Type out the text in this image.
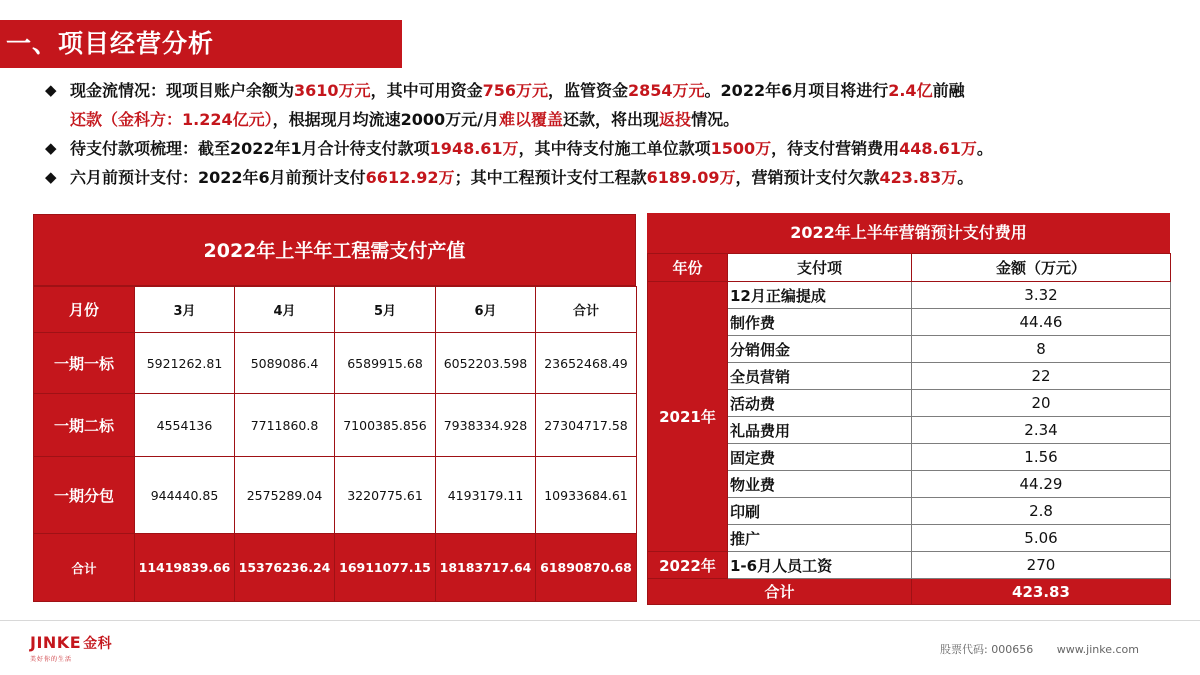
一、项目经营分析
◆ 现金流情况：现项目账户余额为3610万元，其中可用资金756万元，监管资金2854万元。2022年6月项目将进行2.4亿前融
还款（金科方：1.224亿元），根据现月均流速2000万元/月难以覆盖还款，将出现返投情况。
◆ 待支付款项梳理：截至2022年1月合计待支付款项1948.61万，其中待支付施工单位款项1500万，待支付营销费用448.61万。
◆ 六月前预计支付：2022年6月前预计支付6612.92万；其中工程预计支付工程款6189.09万，营销预计支付欠款423.83万。
2022年上半年工程需支付产值
月份	3月	4月	5月	6月	合计
一期一标	5921262.81	5089086.4	6589915.68	6052203.598	23652468.49
一期二标	4554136	7711860.8	7100385.856	7938334.928	27304717.58
一期分包	944440.85	2575289.04	3220775.61	4193179.11	10933684.61
合计	11419839.66	15376236.24	16911077.15	18183717.64	61890870.68
2022年上半年营销预计支付费用
年份	支付项	金额（万元）
2021年	12月正编提成	3.32
	制作费	44.46
	分销佣金	8
	全员营销	22
	活动费	20
	礼品费用	2.34
	固定费	1.56
	物业费	44.29
	印刷	2.8
	推广	5.06
2022年	1-6月人员工资	270
合计		423.83
JINKE 金科
美好你的生活
股票代码: 000656 www.jinke.com
